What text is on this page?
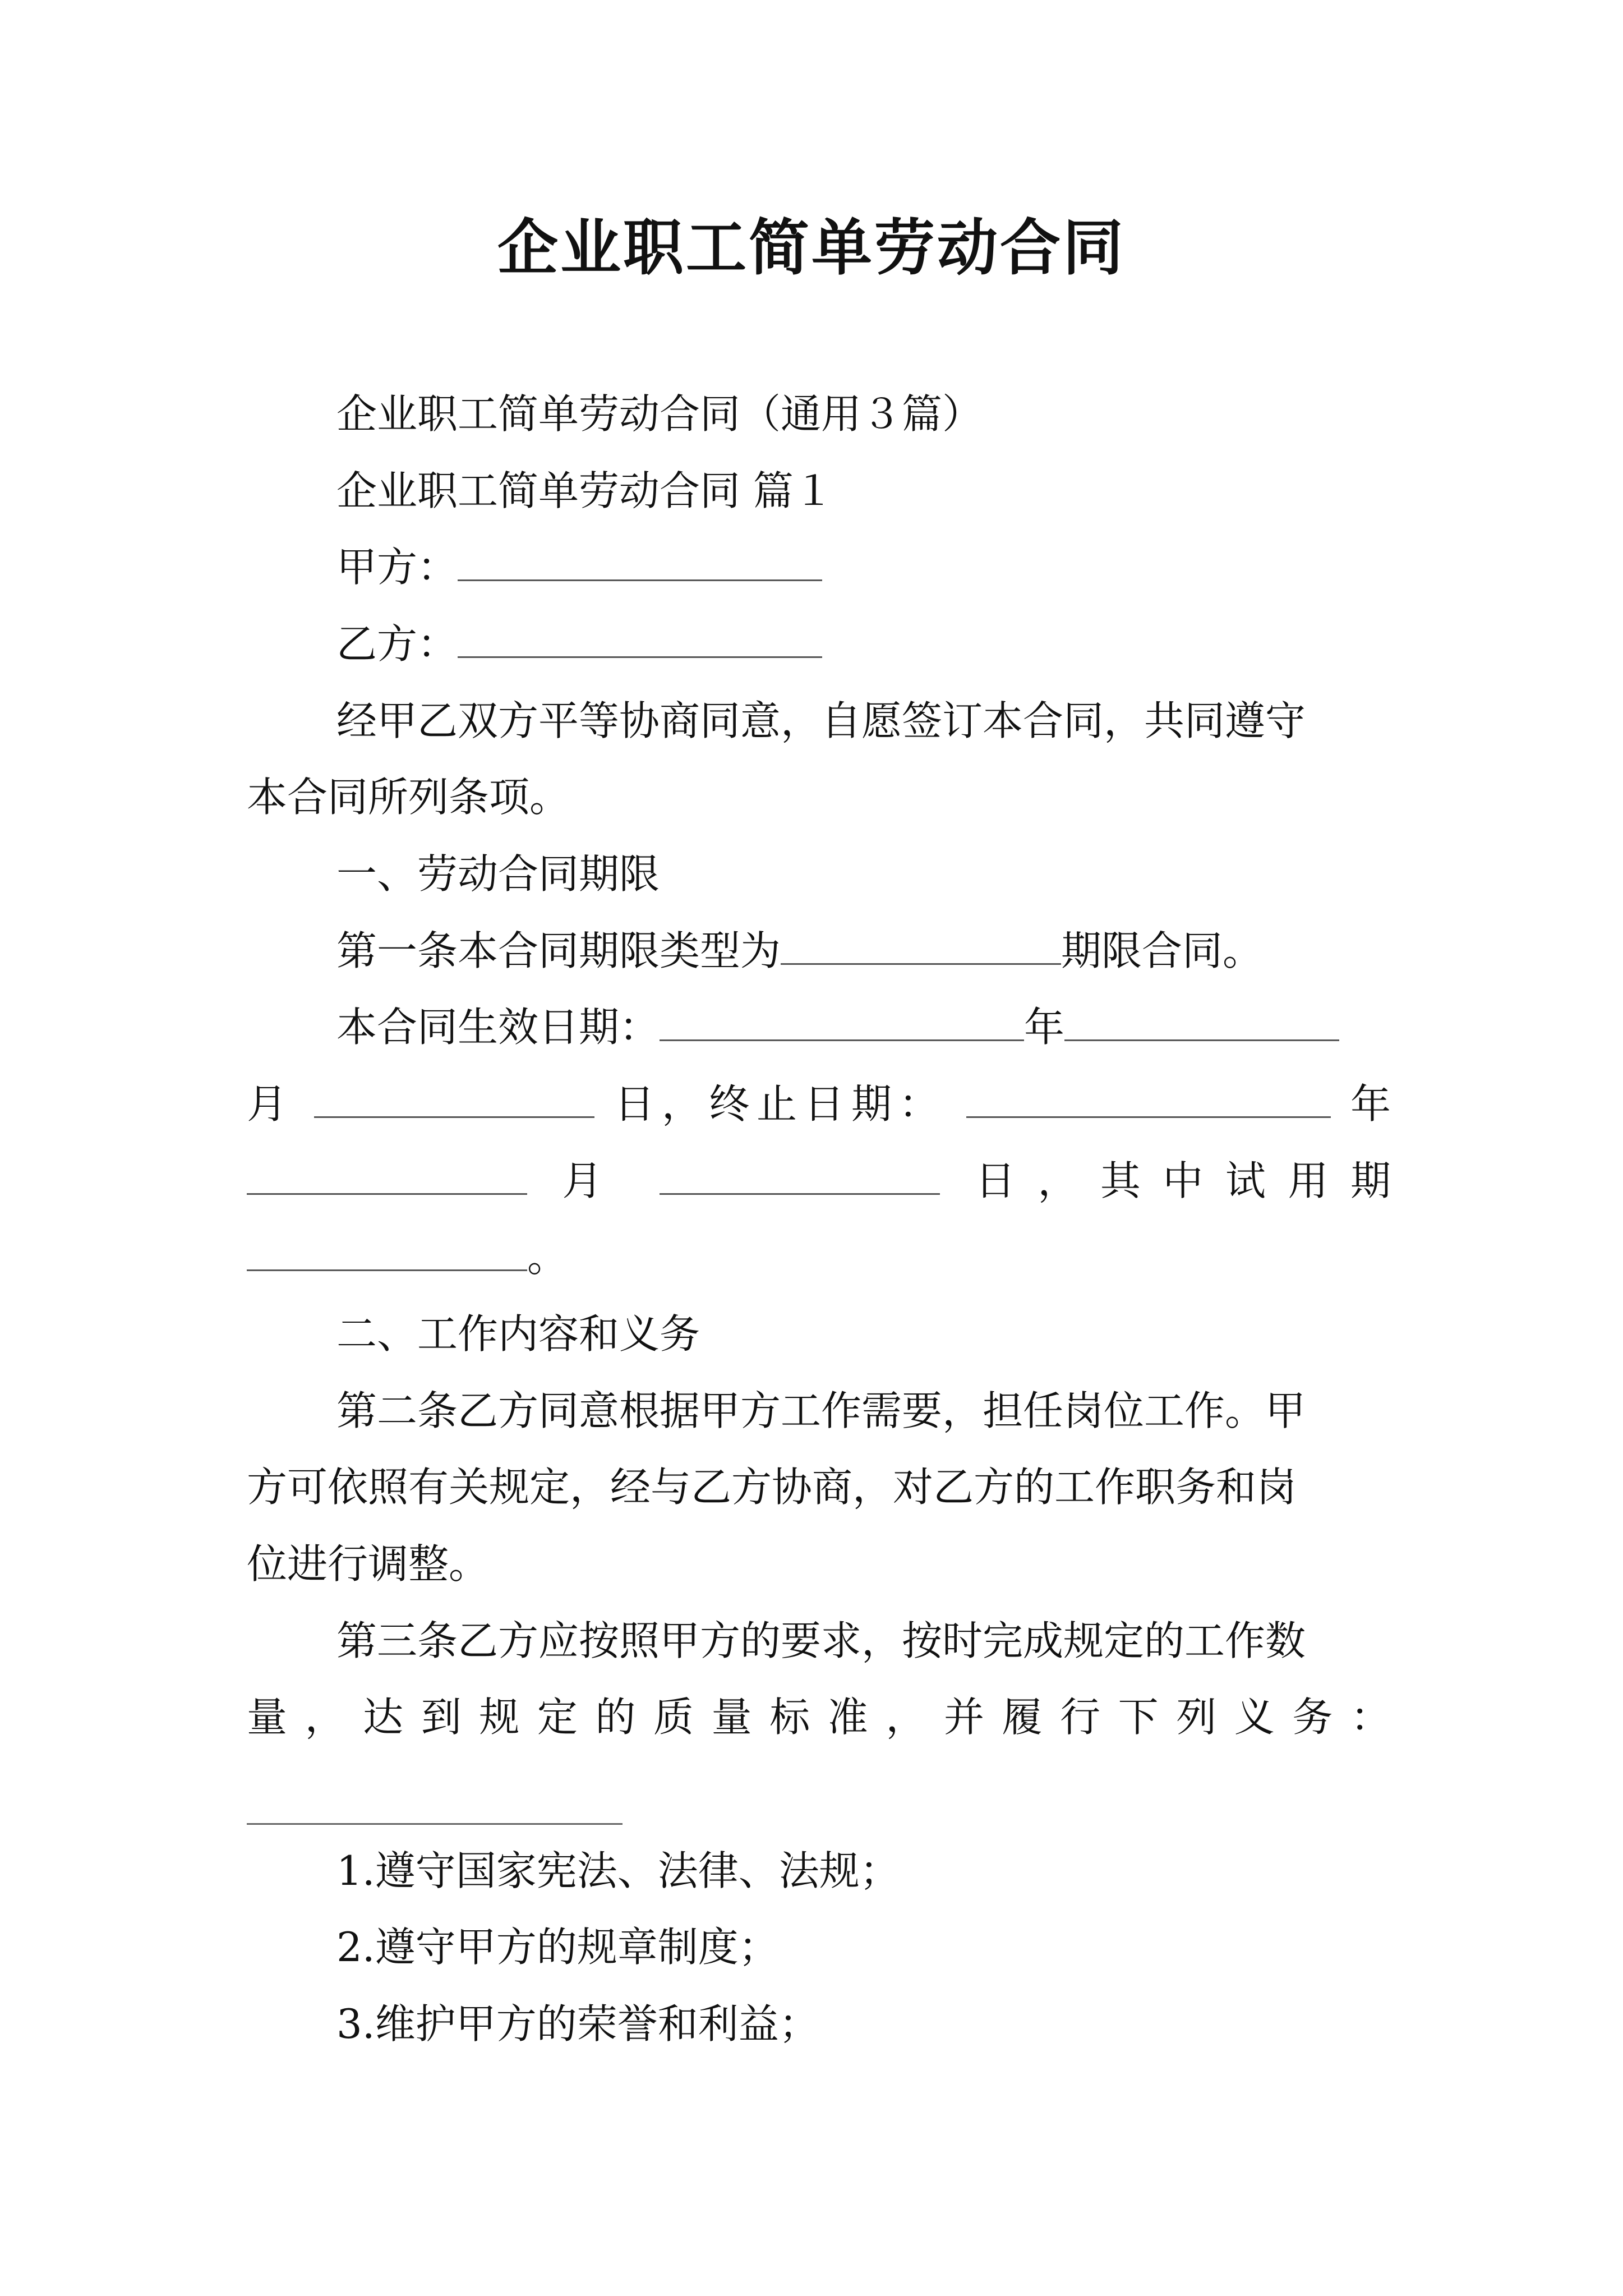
企业职工简单劳动合同
企业职工简单劳动合同（通用３篇）
企业职工简单劳动合同 篇１
甲方：
乙方：
经甲乙双方平等协商同意，自愿签订本合同，共同遵守
本合同所列条项。
一、劳动合同期限
第一条本合同期限类型为	期限合同。
本合同生效日期：	年
月	日，终止日期：	年
月	日，其中试用期
。
二、工作内容和义务
第二条乙方同意根据甲方工作需要，担任岗位工作。甲
方可依照有关规定，经与乙方协商，对乙方的工作职务和岗
位进行调整。
第三条乙方应按照甲方的要求，按时完成规定的工作数
量，达到规定的质量标准，并履行下列义务：
1.遵守国家宪法、法律、法规；
2.遵守甲方的规章制度；
3.维护甲方的荣誉和利益；
